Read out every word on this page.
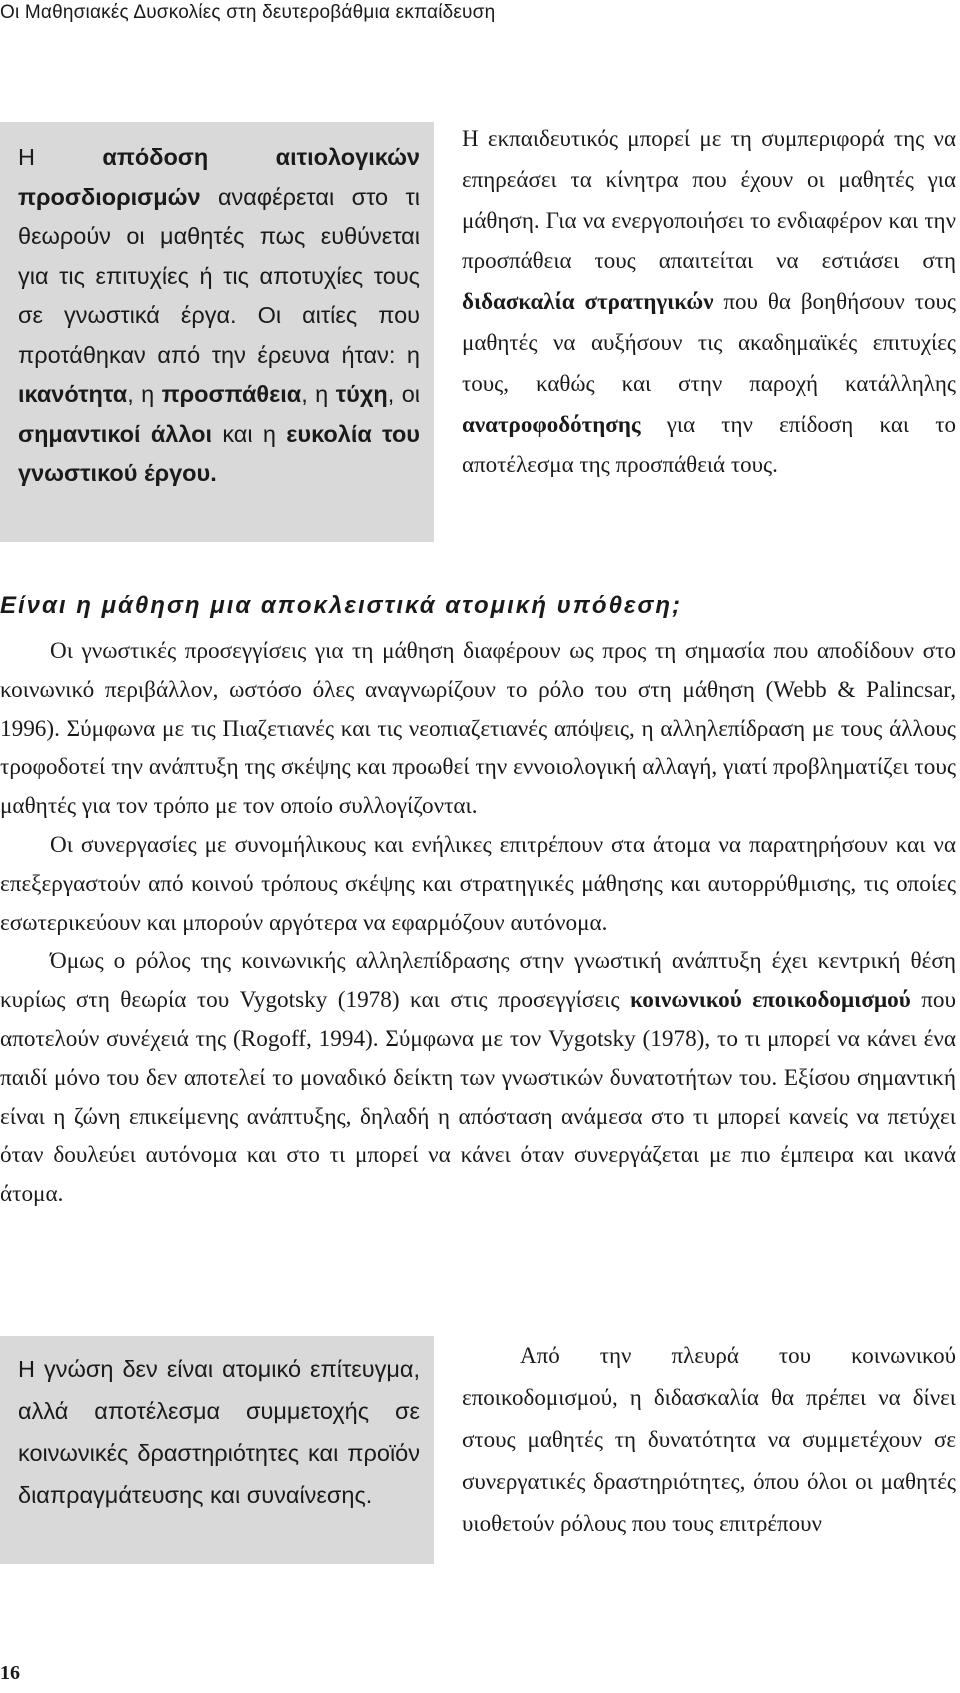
Οι Μαθησιακές Δυσκολίες στη δευτεροβάθμια εκπαίδευση
Η απόδοση αιτιολογικών προσδιορισμών αναφέρεται στο τι θεωρούν οι μαθητές πως ευθύνεται για τις επιτυχίες ή τις αποτυχίες τους σε γνωστικά έργα. Οι αιτίες που προτάθηκαν από την έρευνα ήταν: η ικανότητα, η προσπάθεια, η τύχη, οι σημαντικοί άλλοι και η ευκολία του γνωστικού έργου.
Η εκπαιδευτικός μπορεί με τη συμπεριφορά της να επηρεάσει τα κίνητρα που έχουν οι μαθητές για μάθηση. Για να ενεργοποιήσει το ενδιαφέρον και την προσπάθεια τους απαιτείται να εστιάσει στη διδασκαλία στρατηγικών που θα βοηθήσουν τους μαθητές να αυξήσουν τις ακαδημαϊκές επιτυχίες τους, καθώς και στην παροχή κατάλληλης ανατροφοδότησης για την επίδοση και το αποτέλεσμα της προσπάθειά τους.
Είναι η μάθηση μια αποκλειστικά ατομική υπόθεση;

Οι γνωστικές προσεγγίσεις για τη μάθηση διαφέρουν ως προς τη σημασία που αποδίδουν στο κοινωνικό περιβάλλον, ωστόσο όλες αναγνωρίζουν το ρόλο του στη μάθηση (Webb & Palincsar, 1996). Σύμφωνα με τις Πιαζετιανές και τις νεοπιαζετιανές απόψεις, η αλληλεπίδραση με τους άλλους τροφοδοτεί την ανάπτυξη της σκέψης και προωθεί την εννοιολογική αλλαγή, γιατί προβληματίζει τους μαθητές για τον τρόπο με τον οποίο συλλογίζονται.

Οι συνεργασίες με συνομήλικους και ενήλικες επιτρέπουν στα άτομα να παρατηρήσουν και να επεξεργαστούν από κοινού τρόπους σκέψης και στρατηγικές μάθησης και αυτορρύθμισης, τις οποίες εσωτερικεύουν και μπορούν αργότερα να εφαρμόζουν αυτόνομα.

Όμως ο ρόλος της κοινωνικής αλληλεπίδρασης στην γνωστική ανάπτυξη έχει κεντρική θέση κυρίως στη θεωρία του Vygotsky (1978) και στις προσεγγίσεις κοινωνικού εποικοδομισμού που αποτελούν συνέχειά της (Rogoff, 1994). Σύμφωνα με τον Vygotsky (1978), το τι μπορεί να κάνει ένα παιδί μόνο του δεν αποτελεί το μοναδικό δείκτη των γνωστικών δυνατοτήτων του. Εξίσου σημαντική είναι η ζώνη επικείμενης ανάπτυξης, δηλαδή η απόσταση ανάμεσα στο τι μπορεί κανείς να πετύχει όταν δουλεύει αυτόνομα και στο τι μπορεί να κάνει όταν συνεργάζεται με πιο έμπειρα και ικανά άτομα.

Η γνώση δεν είναι ατομικό επίτευγμα, αλλά αποτέλεσμα συμμετοχής σε κοινωνικές δραστηριότητες και προϊόν διαπραγμάτευσης και συναίνεσης.
Από την πλευρά του κοινωνικού εποικοδομισμού, η διδασκαλία θα πρέπει να δίνει στους μαθητές τη δυνατότητα να συμμετέχουν σε συνεργατικές δραστηριότητες, όπου όλοι οι μαθητές υιοθετούν ρόλους που τους επιτρέπουν
16
